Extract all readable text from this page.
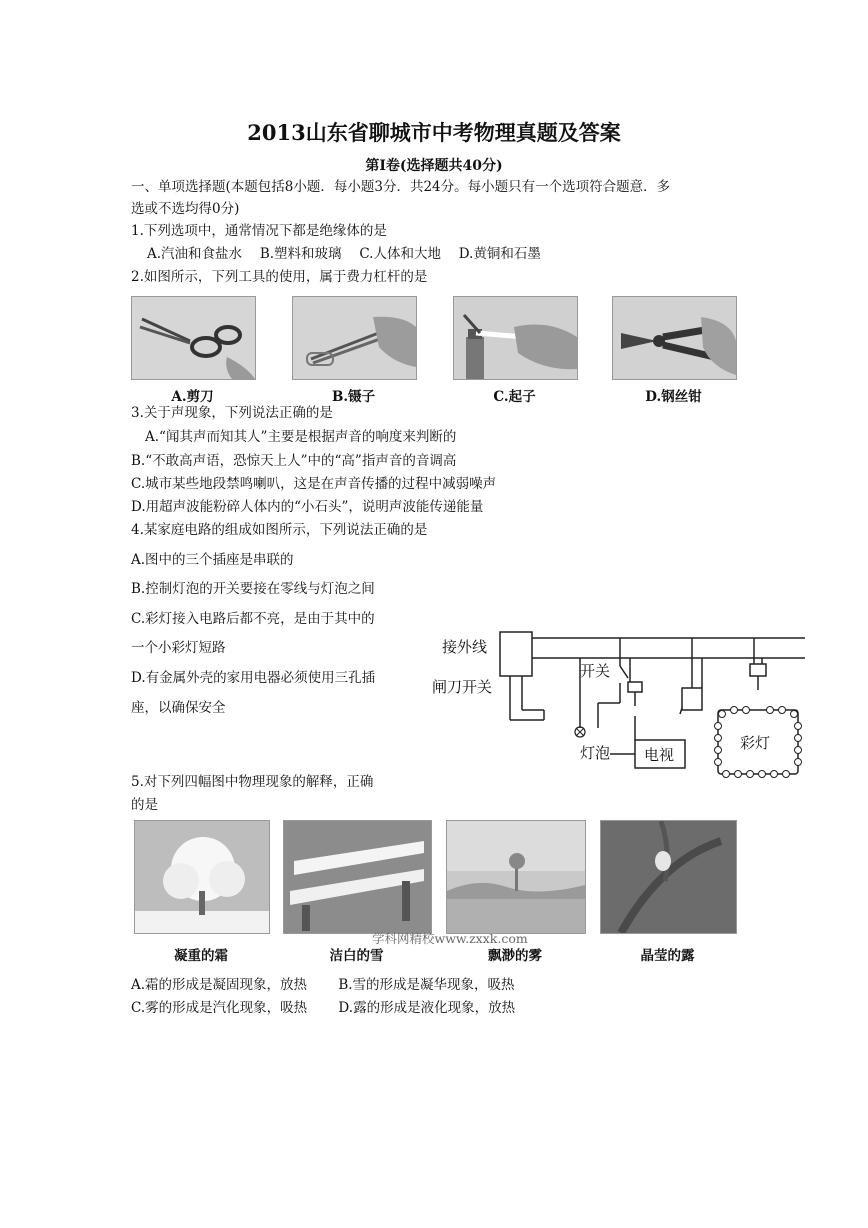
2013山东省聊城市中考物理真题及答案
第Ⅰ卷(选择题共40分)
一、单项选择题(本题包括8小题．每小题3分．共24分。每小题只有一个选项符合题意．多
选或不选均得0分)
1.下列选项中，通常情况下都是绝缘体的是
A.汽油和食盐水　 B.塑料和玻璃　 C.人体和大地　 D.黄铜和石墨
2.如图所示，下列工具的使用，属于费力杠杆的是
A.剪刀	B.镊子	C.起子	D.钢丝钳
3.关于声现象，下列说法正确的是
A.“闻其声而知其人”主要是根据声音的响度来判断的
B.“不敢高声语，恐惊天上人”中的“高”指声音的音调高
C.城市某些地段禁鸣喇叭，这是在声音传播的过程中减弱噪声
D.用超声波能粉碎人体内的“小石头”，说明声波能传递能量
4.某家庭电路的组成如图所示，下列说法正确的是
A.图中的三个插座是串联的
B.控制灯泡的开关要接在零线与灯泡之间
C.彩灯接入电路后都不亮，是由于其中的
一个小彩灯短路
D.有金属外壳的家用电器必须使用三孔插
座，以确保安全
接外线
闸刀开关
开关
灯泡 电视
彩灯
5.对下列四幅图中物理现象的解释，正确
的是
学科网精校www.zxxk.com
凝重的霜	洁白的雪	飘渺的雾	晶莹的露
A.霜的形成是凝固现象，放热　　 B.雪的形成是凝华现象，吸热
C.雾的形成是汽化现象，吸热　　 D.露的形成是液化现象，放热
